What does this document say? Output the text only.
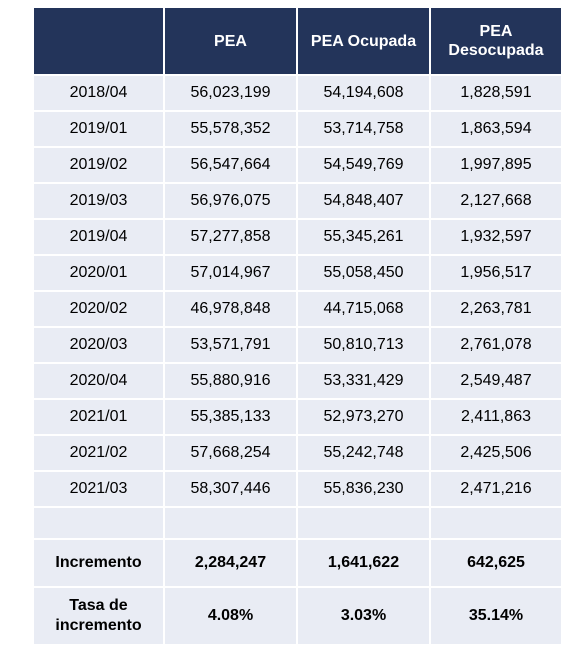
	PEA	PEA Ocupada	PEA Desocupada
2018/04	56,023,199	54,194,608	1,828,591
2019/01	55,578,352	53,714,758	1,863,594
2019/02	56,547,664	54,549,769	1,997,895
2019/03	56,976,075	54,848,407	2,127,668
2019/04	57,277,858	55,345,261	1,932,597
2020/01	57,014,967	55,058,450	1,956,517
2020/02	46,978,848	44,715,068	2,263,781
2020/03	53,571,791	50,810,713	2,761,078
2020/04	55,880,916	53,331,429	2,549,487
2021/01	55,385,133	52,973,270	2,411,863
2021/02	57,668,254	55,242,748	2,425,506
2021/03	58,307,446	55,836,230	2,471,216

Incremento	2,284,247	1,641,622	642,625
Tasa de incremento	4.08%	3.03%	35.14%
